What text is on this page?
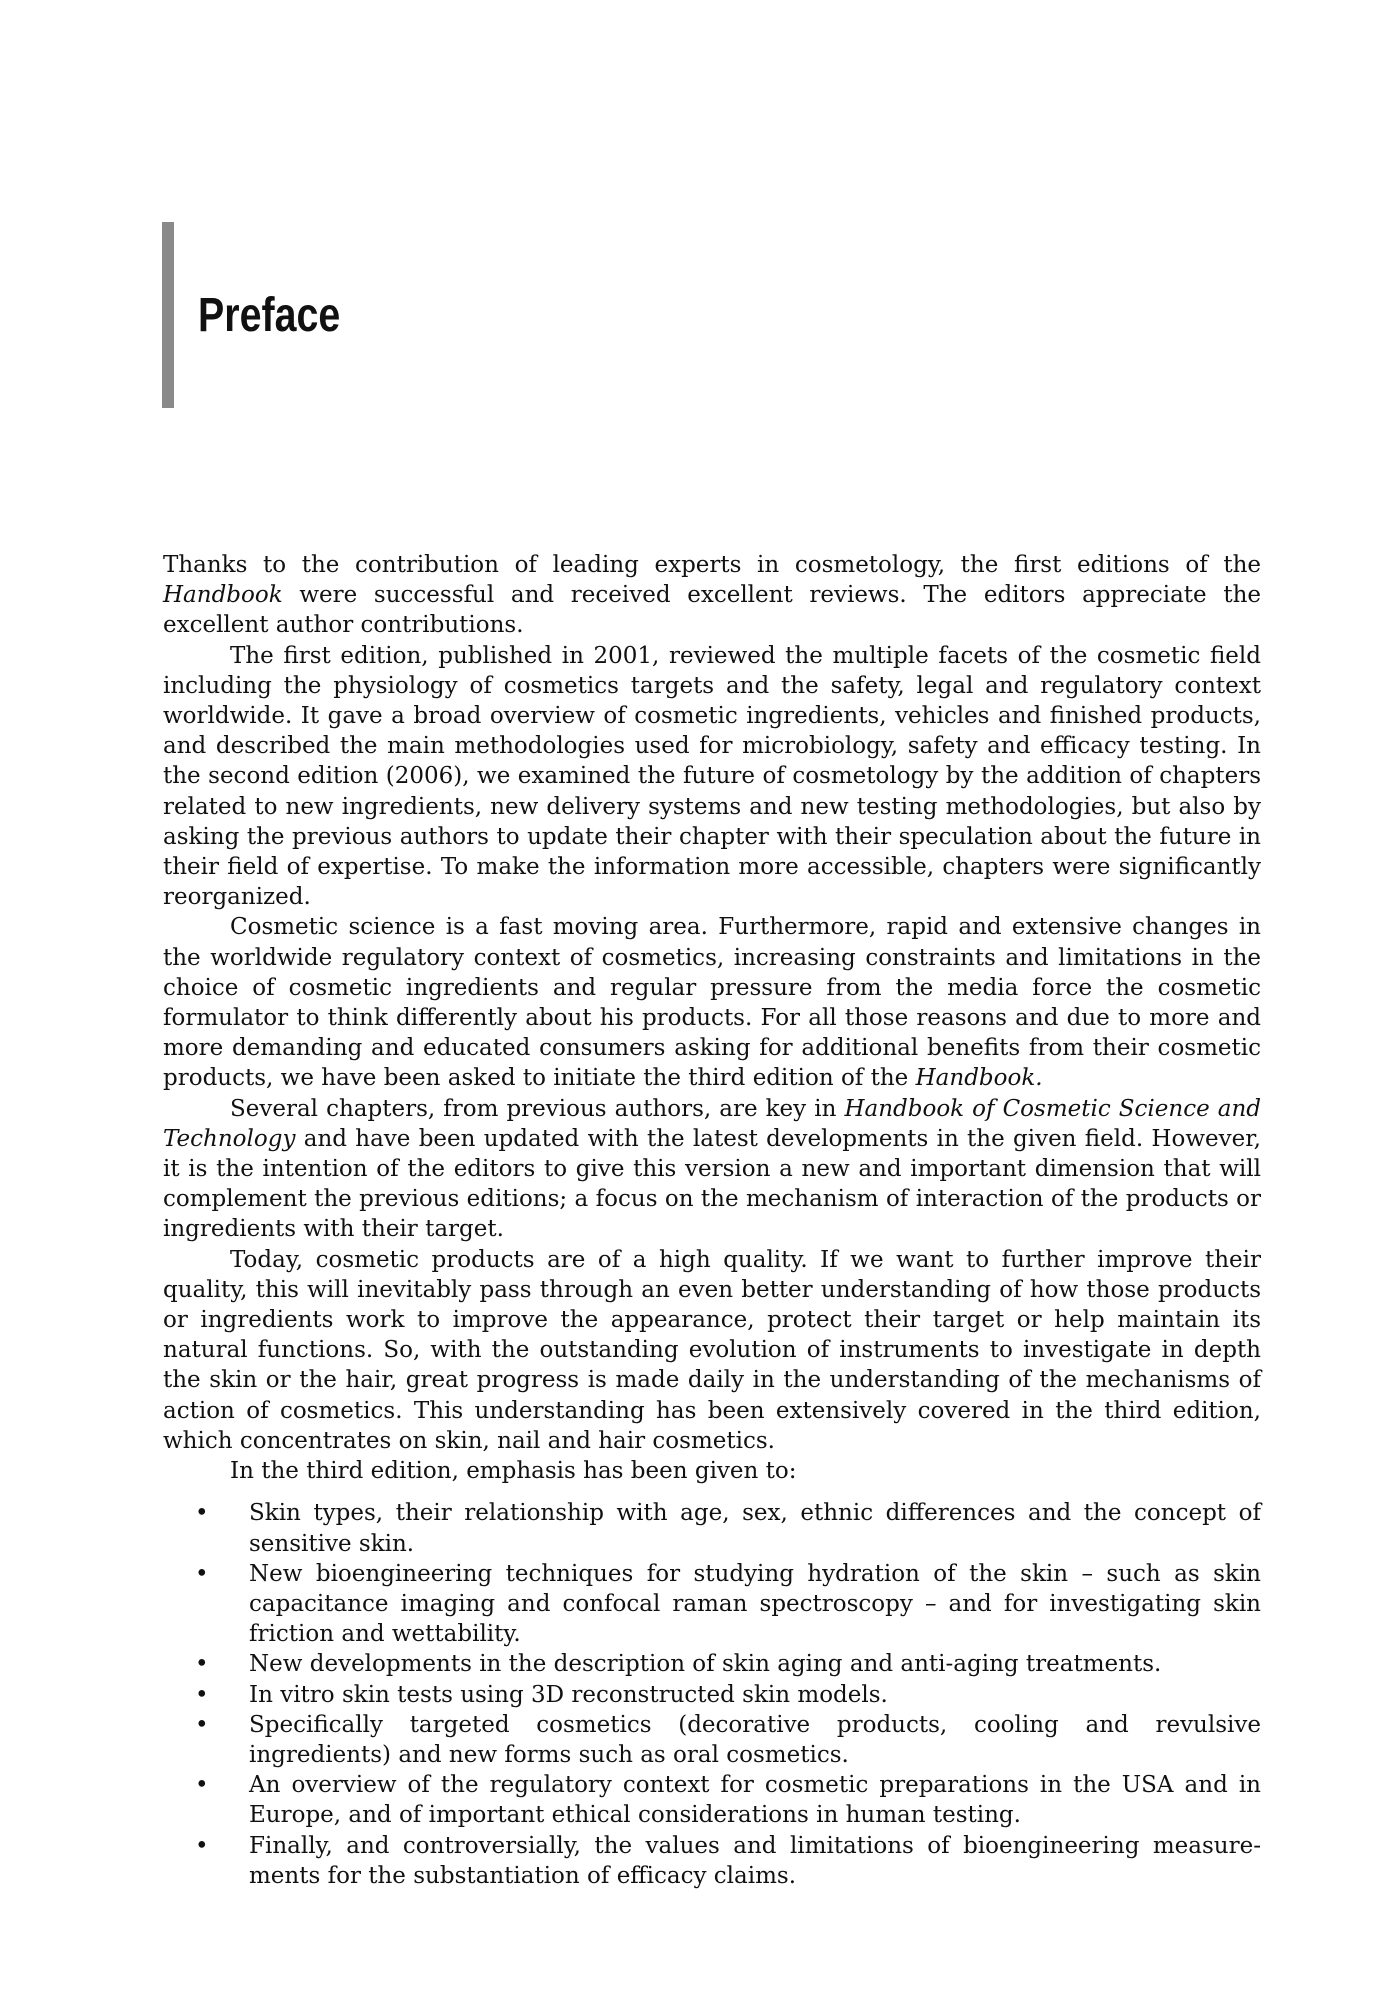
Preface

Thanks to the contribution of leading experts in cosmetology, the first editions of the Handbook were successful and received excellent reviews. The editors appreciate the excellent author contributions.

The first edition, published in 2001, reviewed the multiple facets of the cosmetic field including the physiology of cosmetics targets and the safety, legal and regulatory context worldwide. It gave a broad overview of cosmetic ingredients, vehicles and finished products, and described the main methodologies used for microbiology, safety and efficacy testing. In the second edition (2006), we examined the future of cosmetology by the addition of chapters related to new ingredients, new delivery systems and new testing methodologies, but also by asking the previous authors to update their chapter with their speculation about the future in their field of expertise. To make the information more accessible, chapters were significantly reorganized.

Cosmetic science is a fast moving area. Furthermore, rapid and extensive changes in the worldwide regulatory context of cosmetics, increasing constraints and limitations in the choice of cosmetic ingredients and regular pressure from the media force the cosmetic formulator to think differently about his products. For all those reasons and due to more and more demanding and educated consumers asking for additional benefits from their cosmetic products, we have been asked to initiate the third edition of the Handbook.

Several chapters, from previous authors, are key in Handbook of Cosmetic Science and Technology and have been updated with the latest developments in the given field. However, it is the intention of the editors to give this version a new and important dimension that will complement the previous editions; a focus on the mechanism of interaction of the products or ingredients with their target.

Today, cosmetic products are of a high quality. If we want to further improve their quality, this will inevitably pass through an even better understanding of how those products or ingredients work to improve the appearance, protect their target or help maintain its natural functions. So, with the outstanding evolution of instruments to investigate in depth the skin or the hair, great progress is made daily in the understanding of the mechanisms of action of cosmetics. This understanding has been extensively covered in the third edition, which concentrates on skin, nail and hair cosmetics.

In the third edition, emphasis has been given to:

• Skin types, their relationship with age, sex, ethnic differences and the concept of sensitive skin.
• New bioengineering techniques for studying hydration of the skin – such as skin capacitance imaging and confocal raman spectroscopy – and for investigating skin friction and wettability.
• New developments in the description of skin aging and anti-aging treatments.
• In vitro skin tests using 3D reconstructed skin models.
• Specifically targeted cosmetics (decorative products, cooling and revulsive ingredients) and new forms such as oral cosmetics.
• An overview of the regulatory context for cosmetic preparations in the USA and in Europe, and of important ethical considerations in human testing.
• Finally, and controversially, the values and limitations of bioengineering measure-ments for the substantiation of efficacy claims.
